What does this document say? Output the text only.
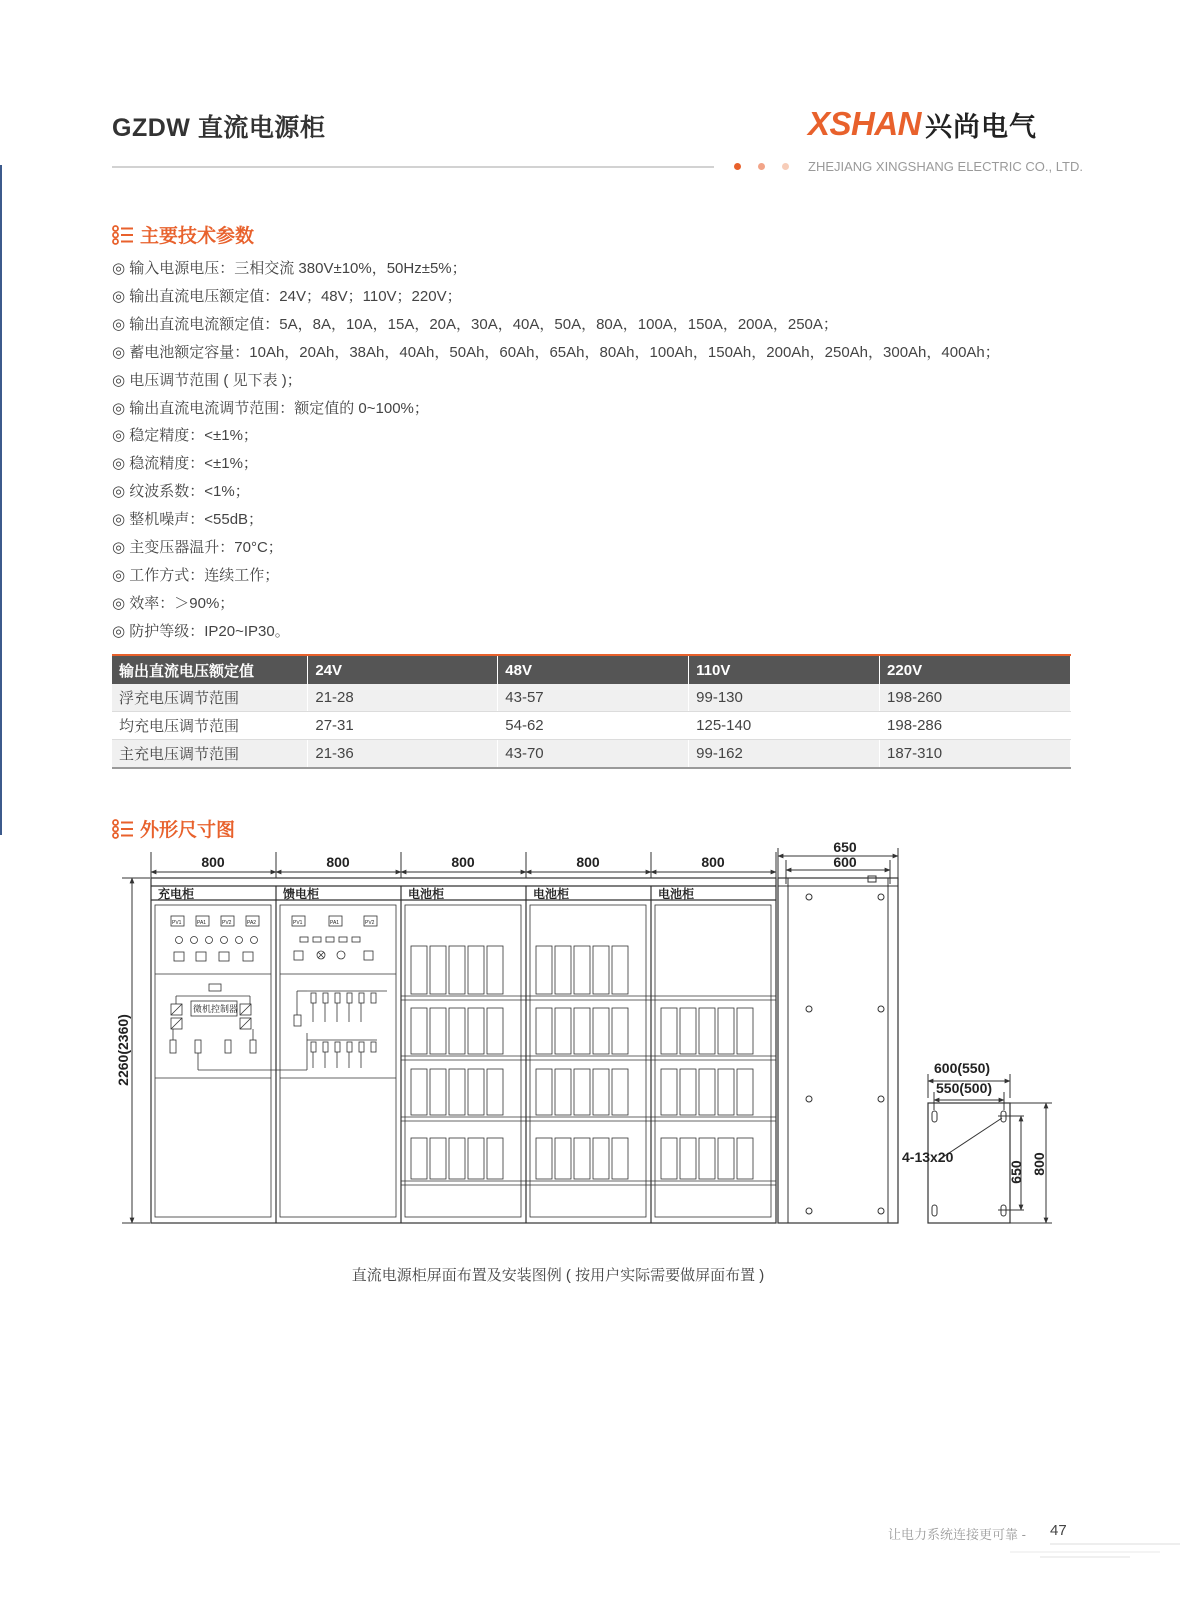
GZDW 直流电源柜	XSHAN 兴尚电气
ZHEJIANG XINGSHANG ELECTRIC CO., LTD.
主要技术参数
◎ 输入电源电压：三相交流 380V±10%，50Hz±5%；
◎ 输出直流电压额定值：24V；48V；110V；220V；
◎ 输出直流电流额定值：5A，8A，10A，15A，20A，30A，40A，50A，80A，100A，150A，200A，250A；
◎ 蓄电池额定容量：10Ah，20Ah，38Ah，40Ah，50Ah，60Ah，65Ah，80Ah，100Ah，150Ah，200Ah，250Ah，300Ah，400Ah；
◎ 电压调节范围 ( 见下表 )；
◎ 输出直流电流调节范围：额定值的 0~100%；
◎ 稳定精度：<±1%；
◎ 稳流精度：<±1%；
◎ 纹波系数：<1%；
◎ 整机噪声：<55dB；
◎ 主变压器温升：70°C；
◎ 工作方式：连续工作；
◎ 效率：＞90%；
◎ 防护等级：IP20~IP30。
输出直流电压额定值	24V	48V	110V	220V
浮充电压调节范围	21-28	43-57	99-130	198-260
均充电压调节范围	27-31	54-62	125-140	198-286
主充电压调节范围	21-36	43-70	99-162	187-310
外形尺寸图
800	800	800	800	800
2260(2360)
充电柜	馈电柜	电池柜	电池柜	电池柜
PV1	PA1	PV2	PA2
微机控制器
PV1	PA1	PV2
650
600
600(550)
550(500)
4-13x20
650 800
直流电源柜屏面布置及安装图例 ( 按用户实际需要做屏面布置 )
让电力系统连接更可靠 - 47
